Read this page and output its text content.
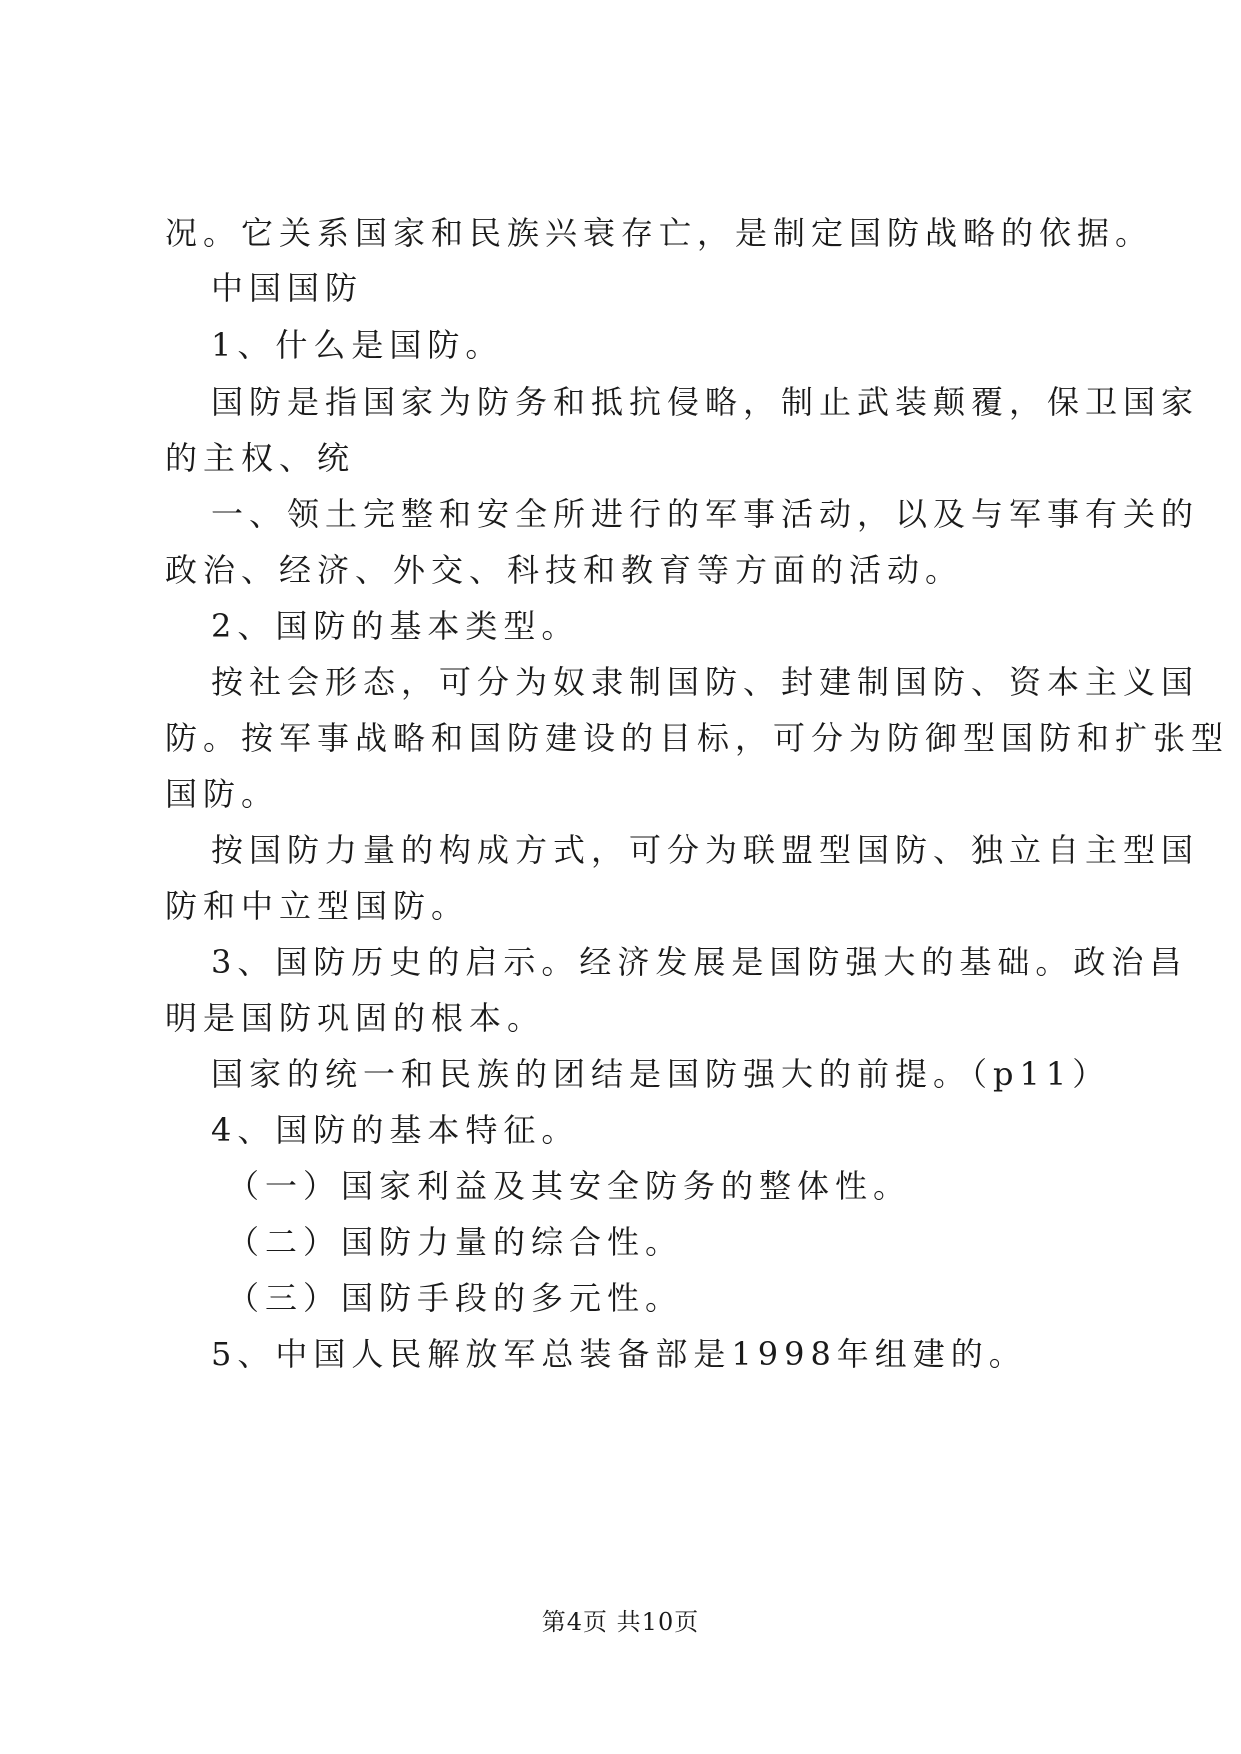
况。它关系国家和民族兴衰存亡，是制定国防战略的依据。
中国国防
1、什么是国防。
国防是指国家为防务和抵抗侵略，制止武装颠覆，保卫国家
的主权、统
一、领土完整和安全所进行的军事活动，以及与军事有关的
政治、经济、外交、科技和教育等方面的活动。
2、国防的基本类型。
按社会形态，可分为奴隶制国防、封建制国防、资本主义国
防。按军事战略和国防建设的目标，可分为防御型国防和扩张型
国防。
按国防力量的构成方式，可分为联盟型国防、独立自主型国
防和中立型国防。
3、国防历史的启示。经济发展是国防强大的基础。政治昌
明是国防巩固的根本。
国家的统一和民族的团结是国防强大的前提。（p11）
4、国防的基本特征。
（一）国家利益及其安全防务的整体性。
（二）国防力量的综合性。
（三）国防手段的多元性。
5、中国人民解放军总装备部是1998年组建的。
第4页 共10页
